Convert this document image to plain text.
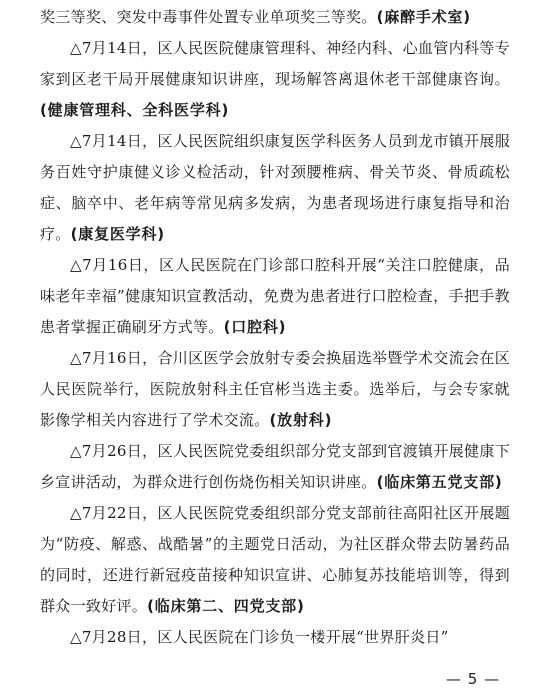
奖三等奖、突发中毒事件处置专业单项奖三等奖。(麻醉手术室)

△7月14日，区人民医院健康管理科、神经内科、心血管内科等专家到区老干局开展健康知识讲座，现场解答离退休老干部健康咨询。(健康管理科、全科医学科)

△7月14日，区人民医院组织康复医学科医务人员到龙市镇开展服务百姓守护康健义诊义检活动，针对颈腰椎病、骨关节炎、骨质疏松症、脑卒中、老年病等常见病多发病，为患者现场进行康复指导和治疗。(康复医学科)

△7月16日，区人民医院在门诊部口腔科开展“关注口腔健康，品味老年幸福”健康知识宣教活动，免费为患者进行口腔检查，手把手教患者掌握正确刷牙方式等。(口腔科)

△7月16日，合川区医学会放射专委会换届选举暨学术交流会在区人民医院举行，医院放射科主任官彬当选主委。选举后，与会专家就影像学相关内容进行了学术交流。(放射科)

△7月26日，区人民医院党委组织部分党支部到官渡镇开展健康下乡宣讲活动，为群众进行创伤烧伤相关知识讲座。(临床第五党支部)

△7月22日，区人民医院党委组织部分党支部前往高阳社区开展题为“防疫、解惑、战酷暑”的主题党日活动，为社区群众带去防暑药品的同时，还进行新冠疫苗接种知识宣讲、心肺复苏技能培训等，得到群众一致好评。(临床第二、四党支部)

△7月28日，区人民医院在门诊负一楼开展“世界肝炎日”

— 5 —
